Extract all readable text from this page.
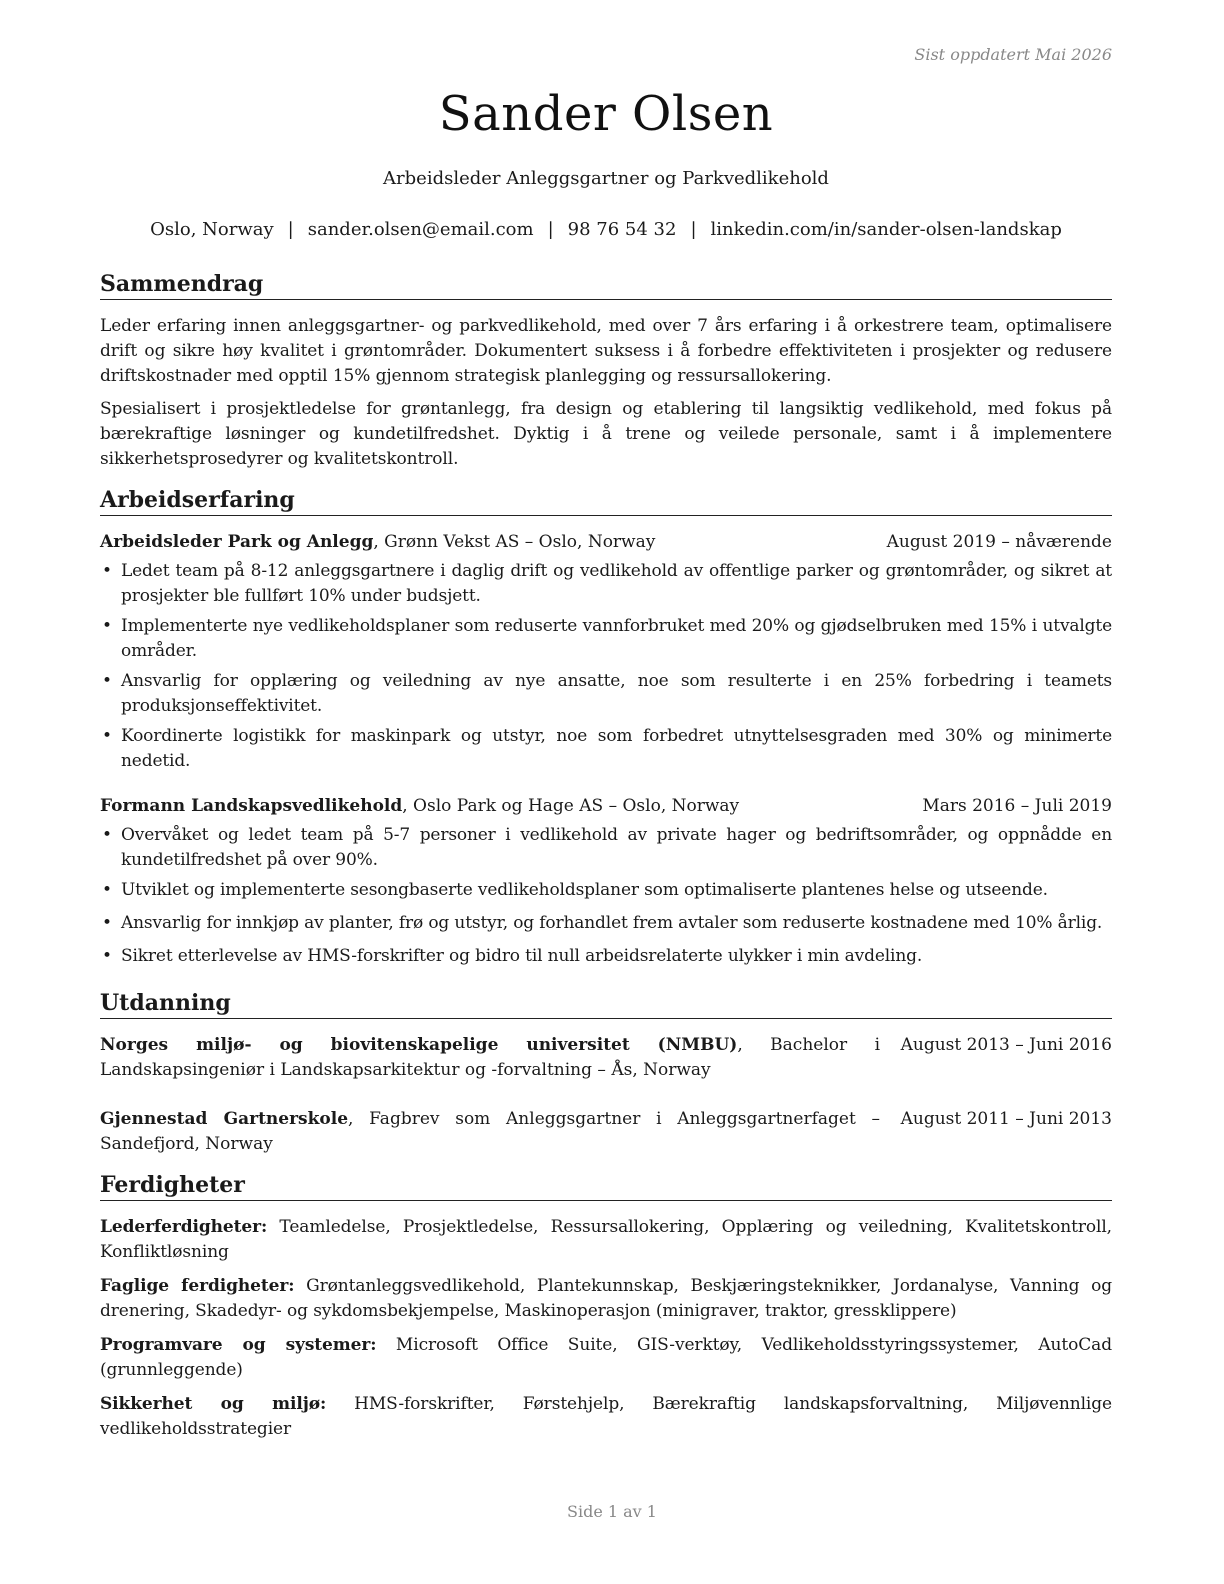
Sist oppdatert Mai 2026
Sander Olsen
Arbeidsleder Anleggsgartner og Parkvedlikehold
Oslo, Norway | sander.olsen@email.com | 98 76 54 32 | linkedin.com/in/sander-olsen-landskap
Sammendrag

Leder erfaring innen anleggsgartner- og parkvedlikehold, med over 7 års erfaring i å orkestrere team, optimalisere drift og sikre høy kvalitet i grøntområder. Dokumentert suksess i å forbedre effektiviteten i prosjekter og redusere driftskostnader med opptil 15% gjennom strategisk planlegging og ressursallokering.

Spesialisert i prosjektledelse for grøntanlegg, fra design og etablering til langsiktig vedlikehold, med fokus på bærekraftige løsninger og kundetilfredshet. Dyktig i å trene og veilede personale, samt i å implementere sikkerhetsprosedyrer og kvalitetskontroll.

Arbeidserfaring
Arbeidsleder Park og Anlegg, Grønn Vekst AS – Oslo, Norway	August 2019 – nåværende
• Ledet team på 8-12 anleggsgartnere i daglig drift og vedlikehold av offentlige parker og grøntområder, og sikret at prosjekter ble fullført 10% under budsjett.
• Implementerte nye vedlikeholdsplaner som reduserte vannforbruket med 20% og gjødselbruken med 15% i utvalgte områder.
• Ansvarlig for opplæring og veiledning av nye ansatte, noe som resulterte i en 25% forbedring i teamets produksjonseffektivitet.
• Koordinerte logistikk for maskinpark og utstyr, noe som forbedret utnyttelsesgraden med 30% og minimerte nedetid.
Formann Landskapsvedlikehold, Oslo Park og Hage AS – Oslo, Norway	Mars 2016 – Juli 2019
• Overvåket og ledet team på 5-7 personer i vedlikehold av private hager og bedriftsområder, og oppnådde en kundetilfredshet på over 90%.
• Utviklet og implementerte sesongbaserte vedlikeholdsplaner som optimaliserte plantenes helse og utseende.
• Ansvarlig for innkjøp av planter, frø og utstyr, og forhandlet frem avtaler som reduserte kostnadene med 10% årlig.
• Sikret etterlevelse av HMS-forskrifter og bidro til null arbeidsrelaterte ulykker i min avdeling.
Utdanning
Norges miljø- og biovitenskapelige universitet (NMBU), Bachelor i Landskapsingeniør i Landskapsarkitektur og -forvaltning – Ås, Norway
August 2013 – Juni 2016
Gjennestad Gartnerskole, Fagbrev som Anleggsgartner i Anleggsgartnerfaget – Sandefjord, Norway
August 2011 – Juni 2013
Ferdigheter
Lederferdigheter: Teamledelse, Prosjektledelse, Ressursallokering, Opplæring og veiledning, Kvalitetskontroll, Konfliktløsning
Faglige ferdigheter: Grøntanleggsvedlikehold, Plantekunnskap, Beskjæringsteknikker, Jordanalyse, Vanning og drenering, Skadedyr- og sykdomsbekjempelse, Maskinoperasjon (minigraver, traktor, gressklippere)
Programvare og systemer: Microsoft Office Suite, GIS-verktøy, Vedlikeholdsstyringssystemer, AutoCad (grunnleggende)
Sikkerhet og miljø: HMS-forskrifter, Førstehjelp, Bærekraftig landskapsforvaltning, Miljøvennlige vedlikeholdsstrategier
Side 1 av 1
